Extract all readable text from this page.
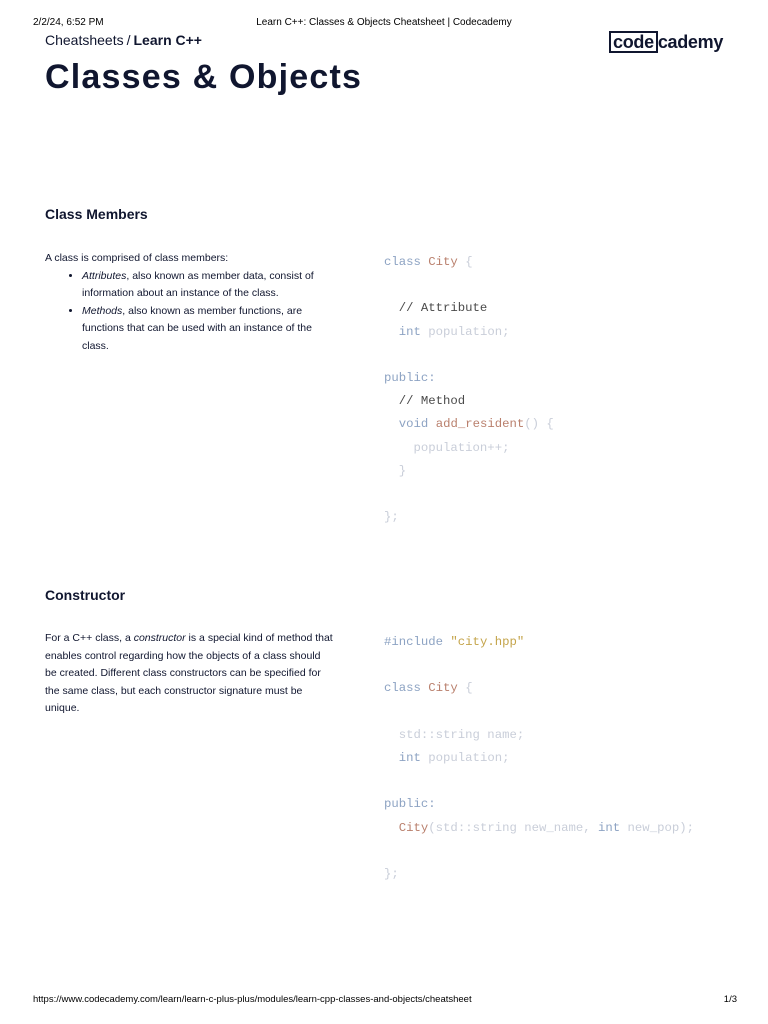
2/2/24, 6:52 PM	Learn C++: Classes & Objects Cheatsheet | Codecademy
Cheatsheets / Learn C++	code cademy
Classes & Objects
Class Members

A class is comprised of class members:

• Attributes, also known as member data, consist of information about an instance of the class.
• Methods, also known as member functions, are functions that can be used with an instance of the class.
class City {

// Attribute
int population;

public:
// Method
void add_resident() {
population++;
}

};
Constructor

For a C++ class, a constructor is a special kind of method that enables control regarding how the objects of a class should be created. Different class constructors can be specified for the same class, but each constructor signature must be unique.

#include "city.hpp"

class City {

std::string name;
int population;

public:
City(std::string new_name, int new_pop);

};
https://www.codecademy.com/learn/learn-c-plus-plus/modules/learn-cpp-classes-and-objects/cheatsheet	1/3
